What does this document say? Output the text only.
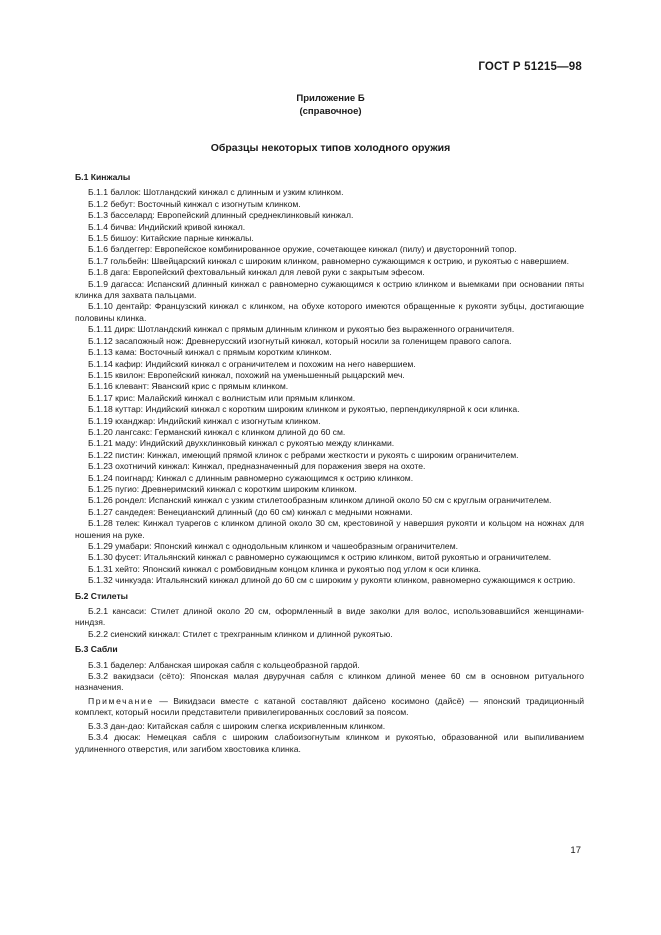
ГОСТ Р 51215—98
Приложение Б
(справочное)
Образцы некоторых типов холодного оружия
Б.1 Кинжалы

Б.1.1 баллок: Шотландский кинжал с длинным и узким клинком.

Б.1.2 бебут: Восточный кинжал с изогнутым клинком.

Б.1.3 басселард: Европейский длинный среднеклинковый кинжал.

Б.1.4 бичва: Индийский кривой кинжал.

Б.1.5 бишоу: Китайские парные кинжалы.

Б.1.6 бэлдеггер: Европейское комбинированное оружие, сочетающее кинжал (пилу) и двусторонний топор.

Б.1.7 гольбейн: Швейцарский кинжал с широким клинком, равномерно сужающимся к острию, и рукоятью с навершием.

Б.1.8 дага: Европейский фехтовальный кинжал для левой руки с закрытым эфесом.

Б.1.9 дагасса: Испанский длинный кинжал с равномерно сужающимся к острию клинком и выемками при основании пяты клинка для захвата пальцами.

Б.1.10 дентайр: Французский кинжал с клинком, на обухе которого имеются обращенные к рукояти зубцы, достигающие половины клинка.

Б.1.11 дирк: Шотландский кинжал с прямым длинным клинком и рукоятью без выраженного ограничителя.

Б.1.12 засапожный нож: Древнерусский изогнутый кинжал, который носили за голенищем правого сапога.

Б.1.13 кама: Восточный кинжал с прямым коротким клинком.

Б.1.14 кафир: Индийский кинжал с ограничителем и похожим на него навершием.

Б.1.15 квилон: Европейский кинжал, похожий на уменьшенный рыцарский меч.

Б.1.16 клевант: Яванский крис с прямым клинком.

Б.1.17 крис: Малайский кинжал с волнистым или прямым клинком.

Б.1.18 куттар: Индийский кинжал с коротким широким клинком и рукоятью, перпендикулярной к оси клинка.

Б.1.19 кханджар: Индийский кинжал с изогнутым клинком.

Б.1.20 лангсакс: Германский кинжал с клинком длиной до 60 см.

Б.1.21 маду: Индийский двухклинковый кинжал с рукоятью между клинками.

Б.1.22 пистин: Кинжал, имеющий прямой клинок с ребрами жесткости и рукоять с широким ограничителем.

Б.1.23 охотничий кинжал: Кинжал, предназначенный для поражения зверя на охоте.

Б.1.24 поигнард: Кинжал с длинным равномерно сужающимся к острию клинком.

Б.1.25 пугио: Древнеримский кинжал с коротким широким клинком.

Б.1.26 рондел: Испанский кинжал с узким стилетообразным клинком длиной около 50 см с круглым ограничителем.

Б.1.27 сандедея: Венецианский длинный (до 60 см) кинжал с медными ножнами.

Б.1.28 телек: Кинжал туарегов с клинком длиной около 30 см, крестовиной у навершия рукояти и кольцом на ножнах для ношения на руке.

Б.1.29 умабари: Японский кинжал с однодольным клинком и чашеобразным ограничителем.

Б.1.30 фусет: Итальянский кинжал с равномерно сужающимся к острию клинком, витой рукоятью и ограничителем.

Б.1.31 хейто: Японский кинжал с ромбовидным концом клинка и рукоятью под углом к оси клинка.

Б.1.32 чинкуэда: Итальянский кинжал длиной до 60 см с широким у рукояти клинком, равномерно сужающимся к острию.

Б.2 Стилеты

Б.2.1 кансаси: Стилет длиной около 20 см, оформленный в виде заколки для волос, использовавшийся женщинами-ниндзя.

Б.2.2 сиенский кинжал: Стилет с трехгранным клинком и длинной рукоятью.

Б.3 Сабли

Б.3.1 баделер: Албанская широкая сабля с кольцеобразной гардой.

Б.3.2 вакидзаси (сёто): Японская малая двуручная сабля с клинком длиной менее 60 см в основном ритуального назначения.

Примечание — Викидзаси вместе с катаной составляют дайсено косимоно (дайсё) — японский традиционный комплект, который носили представители привилегированных сословий за поясом.

Б.3.3 дан-дао: Китайская сабля с широким слегка искривленным клинком.

Б.3.4 дюсак: Немецкая сабля с широким слабоизогнутым клинком и рукоятью, образованной или выпиливанием удлиненного отверстия, или загибом хвостовика клинка.

17
